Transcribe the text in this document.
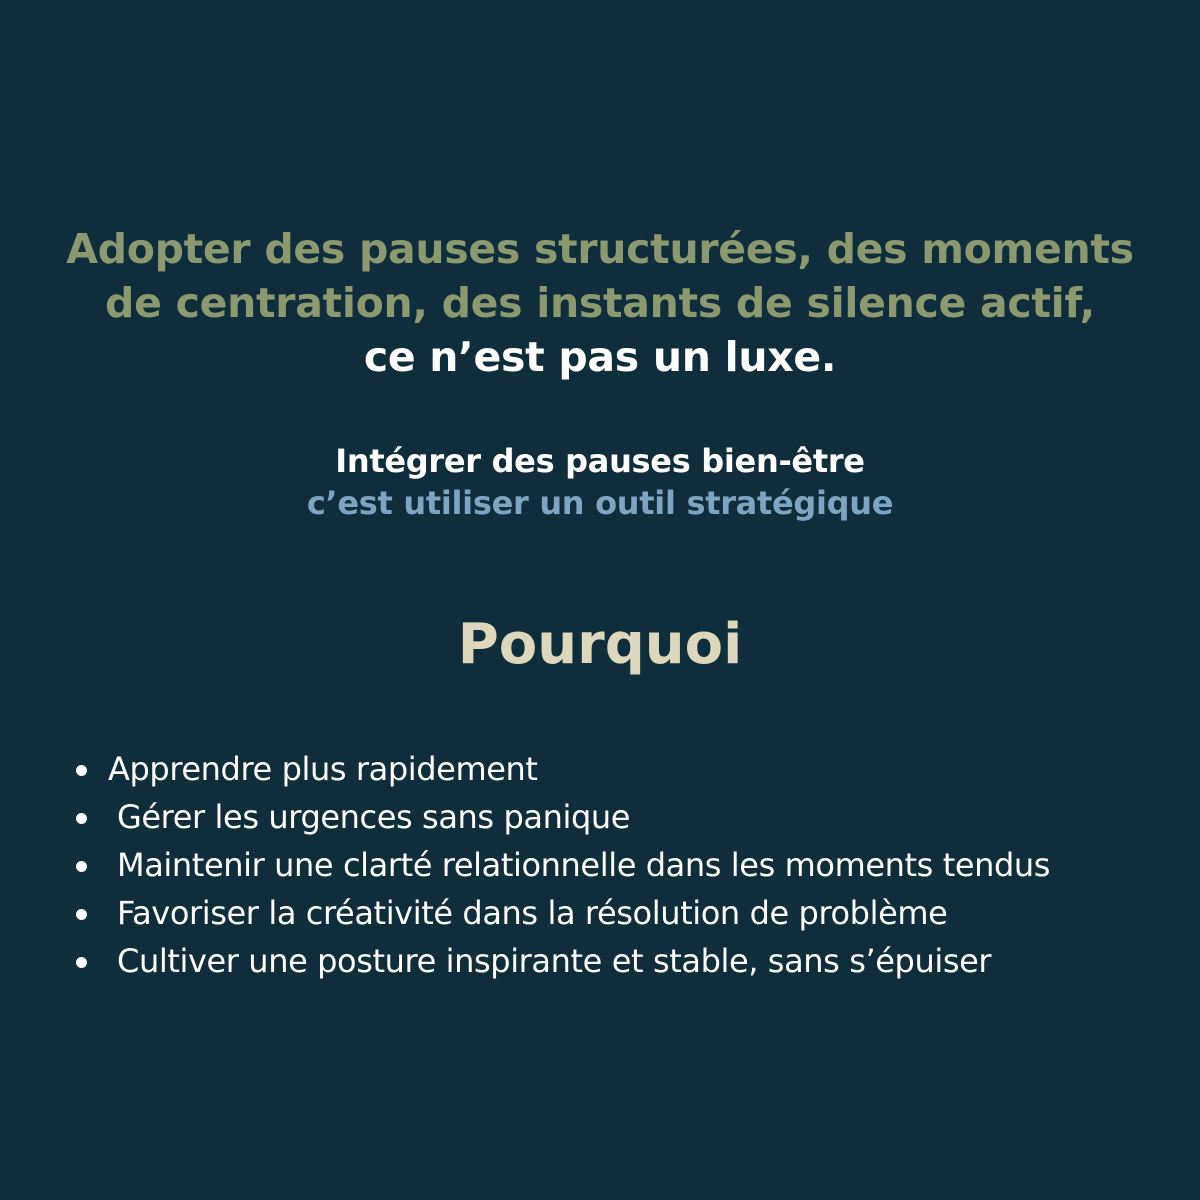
Adopter des pauses structurées, des moments
de centration, des instants de silence actif,
ce n’est pas un luxe.
Intégrer des pauses bien-être
c’est utiliser un outil stratégique
Pourquoi
Apprendre plus rapidement
Gérer les urgences sans panique
Maintenir une clarté relationnelle dans les moments tendus
Favoriser la créativité dans la résolution de problème
Cultiver une posture inspirante et stable, sans s’épuiser
